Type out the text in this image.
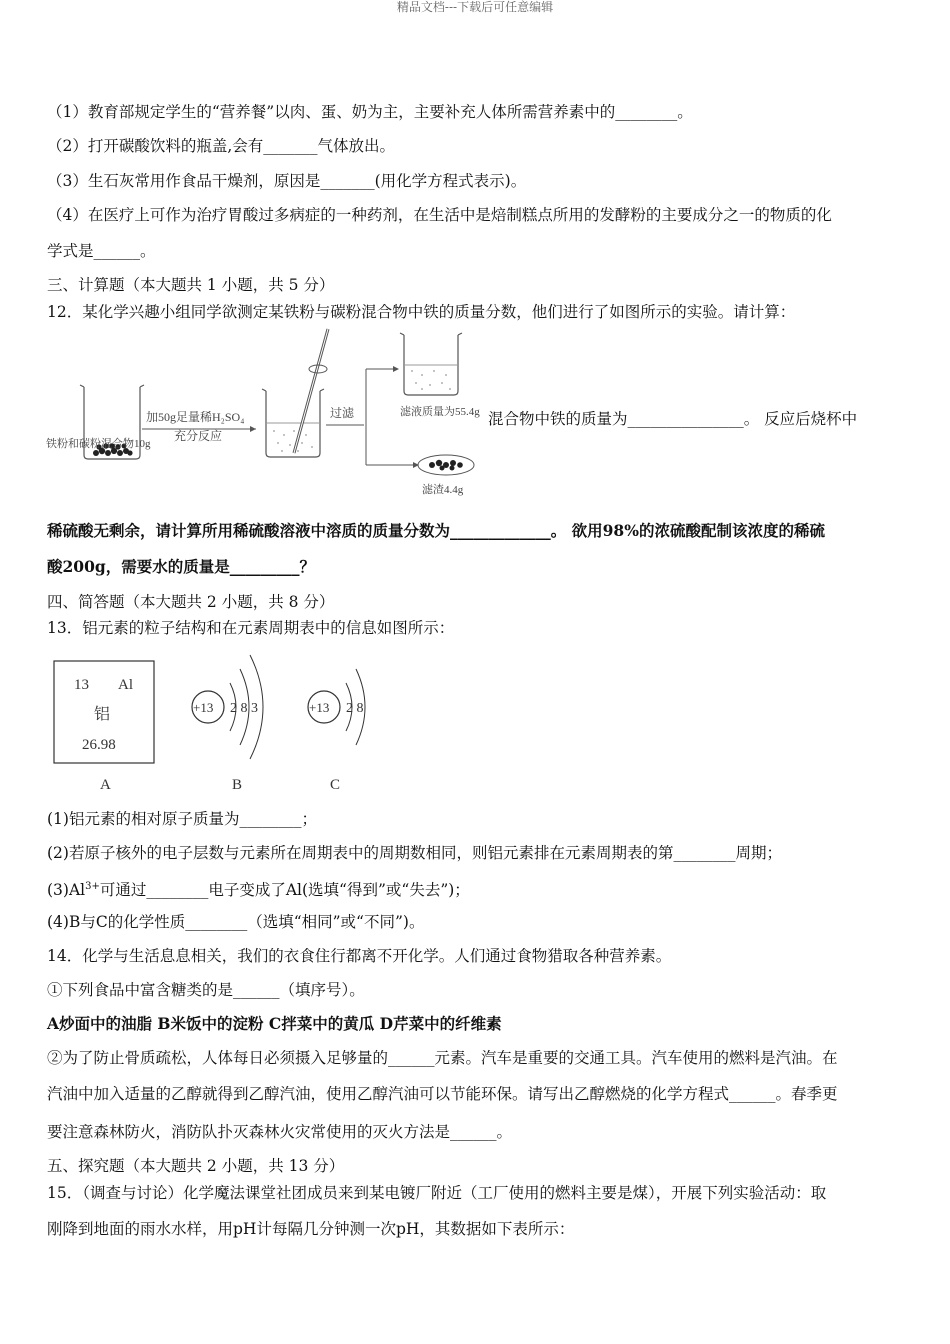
精品文档---下载后可任意编辑
（1）教育部规定学生的“营养餐”以肉、蛋、奶为主，主要补充人体所需营养素中的________。
（2）打开碳酸饮料的瓶盖,会有_______气体放出。
（3）生石灰常用作食品干燥剂，原因是_______(用化学方程式表示)。
（4）在医疗上可作为治疗胃酸过多病症的一种药剂，在生活中是焙制糕点所用的发酵粉的主要成分之一的物质的化
学式是______。
三、计算题（本大题共 1 小题，共 5 分）
12．某化学兴趣小组同学欲测定某铁粉与碳粉混合物中铁的质量分数，他们进行了如图所示的实验。请计算：
铁粉和碳粉混合物10g
加50g足量稀H₂SO₄
充分反应
过滤	滤液质量为55.4g
滤渣4.4g
混合物中铁的质量为_______________。 反应后烧杯中
稀硫酸无剩余，请计算所用稀硫酸溶液中溶质的质量分数为_____________。 欲用98%的浓硫酸配制该浓度的稀硫
酸200g，需要水的质量是_________？
四、简答题（本大题共 2 小题，共 8 分）
13．铝元素的粒子结构和在元素周期表中的信息如图所示：
13 Al
铝
26.98
A
+13 2 8 3
B
+13 2 8
C
(1)铝元素的相对原子质量为________；
(2)若原子核外的电子层数与元素所在周期表中的周期数相同，则铝元素排在元素周期表的第________周期；
$(3)Al^{3+}$可通过________电子变成了Al(选填“得到”或“失去”)；
(4)B与C的化学性质________（选填“相同”或“不同”)。
14．化学与生活息息相关，我们的衣食住行都离不开化学。人们通过食物猎取各种营养素。
①下列食品中富含糖类的是______（填序号）。
A炒面中的油脂 B米饭中的淀粉 C拌菜中的黄瓜 D芹菜中的纤维素
②为了防止骨质疏松，人体每日必须摄入足够量的______元素。汽车是重要的交通工具。汽车使用的燃料是汽油。在
汽油中加入适量的乙醇就得到乙醇汽油，使用乙醇汽油可以节能环保。请写出乙醇燃烧的化学方程式______。春季更
要注意森林防火，消防队扑灭森林火灾常使用的灭火方法是______。
五、探究题（本大题共 2 小题，共 13 分）
15．（调查与讨论）化学魔法课堂社团成员来到某电镀厂附近（工厂使用的燃料主要是煤），开展下列实验活动：取
刚降到地面的雨水水样，用pH计每隔几分钟测一次pH，其数据如下表所示：
